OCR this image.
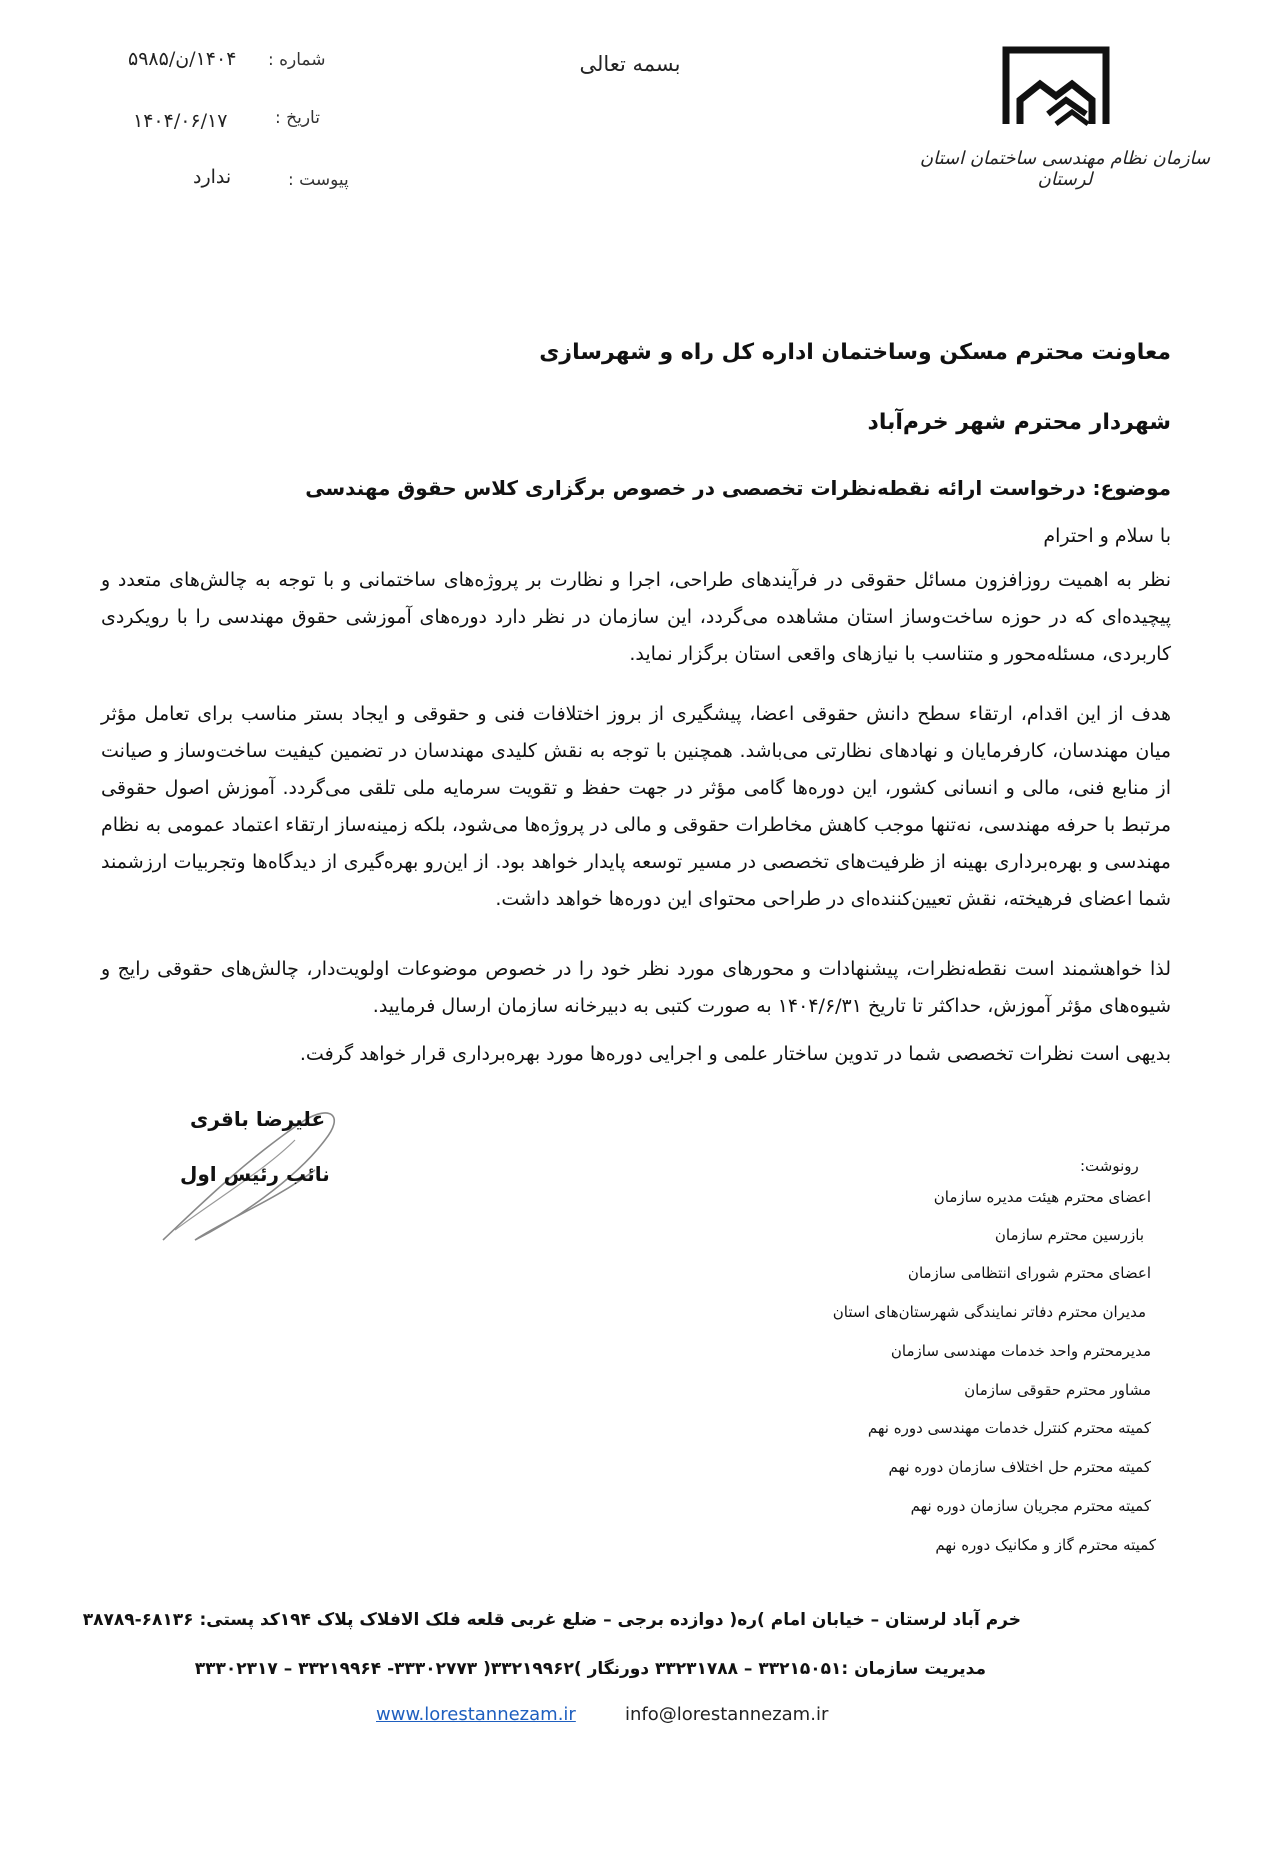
شماره :
۱۴۰۴/ن/۵۹۸۵
تاریخ :
۱۴۰۴/۰۶/۱۷
پیوست :
ندارد
بسمه تعالی
سازمان نظام مهندسی ساختمان استان لرستان
معاونت محترم مسکن وساختمان اداره کل راه و شهرسازی
شهردار محترم شهر خرم‌آباد
موضوع: درخواست ارائه نقطه‌نظرات تخصصی در خصوص برگزاری کلاس حقوق مهندسی
با سلام و احترام
نظر به اهمیت روزافزون مسائل حقوقی در فرآیندهای طراحی، اجرا و نظارت بر پروژه‌های ساختمانی و با توجه به چالش‌های متعدد و پیچیده‌ای که در حوزه ساخت‌وساز استان مشاهده می‌گردد، این سازمان در نظر دارد دوره‌های آموزشی حقوق مهندسی را با رویکردی کاربردی، مسئله‌محور و متناسب با نیازهای واقعی استان برگزار نماید.
هدف از این اقدام، ارتقاء سطح دانش حقوقی اعضا، پیشگیری از بروز اختلافات فنی و حقوقی و ایجاد بستر مناسب برای تعامل مؤثر میان مهندسان، کارفرمایان و نهادهای نظارتی می‌باشد. همچنین با توجه به نقش کلیدی مهندسان در تضمین کیفیت ساخت‌وساز و صیانت از منابع فنی، مالی و انسانی کشور، این دوره‌ها گامی مؤثر در جهت حفظ و تقویت سرمایه ملی تلقی می‌گردد. آموزش اصول حقوقی مرتبط با حرفه مهندسی، نه‌تنها موجب کاهش مخاطرات حقوقی و مالی در پروژه‌ها می‌شود، بلکه زمینه‌ساز ارتقاء اعتماد عمومی به نظام مهندسی و بهره‌برداری بهینه از ظرفیت‌های تخصصی در مسیر توسعه پایدار خواهد بود. از این‌رو بهره‌گیری از دیدگاه‌ها وتجربیات ارزشمند شما اعضای فرهیخته، نقش تعیین‌کننده‌ای در طراحی محتوای این دوره‌ها خواهد داشت.
لذا خواهشمند است نقطه‌نظرات، پیشنهادات و محورهای مورد نظر خود را در خصوص موضوعات اولویت‌دار، چالش‌های حقوقی رایج و شیوه‌های مؤثر آموزش، حداکثر تا تاریخ ۱۴۰۴/۶/۳۱ به صورت کتبی به دبیرخانه سازمان ارسال فرمایید.
بدیهی است نظرات تخصصی شما در تدوین ساختار علمی و اجرایی دوره‌ها مورد بهره‌برداری قرار خواهد گرفت.
علیرضا باقری
نائب رئیس اول	رونوشت:
اعضای محترم هیئت مدیره سازمان
بازرسین محترم سازمان
اعضای محترم شورای انتظامی سازمان
مدیران محترم دفاتر نمایندگی شهرستان‌های استان
مدیرمحترم واحد خدمات مهندسی سازمان
مشاور محترم حقوقی سازمان
کمیته محترم کنترل خدمات مهندسی دوره نهم
کمیته محترم حل اختلاف سازمان دوره نهم
کمیته محترم مجریان سازمان دوره نهم
کمیته محترم گاز و مکانیک دوره نهم
خرم آباد لرستان – خیابان امام )ره( دوازده برجی – ضلع غربی قلعه فلک الافلاک پلاک ۱۹۴کد پستی: ۶۸۱۳۶-۳۸۷۸۹
مدیریت سازمان :۳۳۲۱۵۰۵۱ – ۳۳۲۳۱۷۸۸ دورنگار )۳۳۲۱۹۹۶۲( ۳۳۳۰۲۷۷۳- ۳۳۲۱۹۹۶۴ – ۳۳۳۰۲۳۱۷
www.lorestannezam.ir	info@lorestannezam.ir
